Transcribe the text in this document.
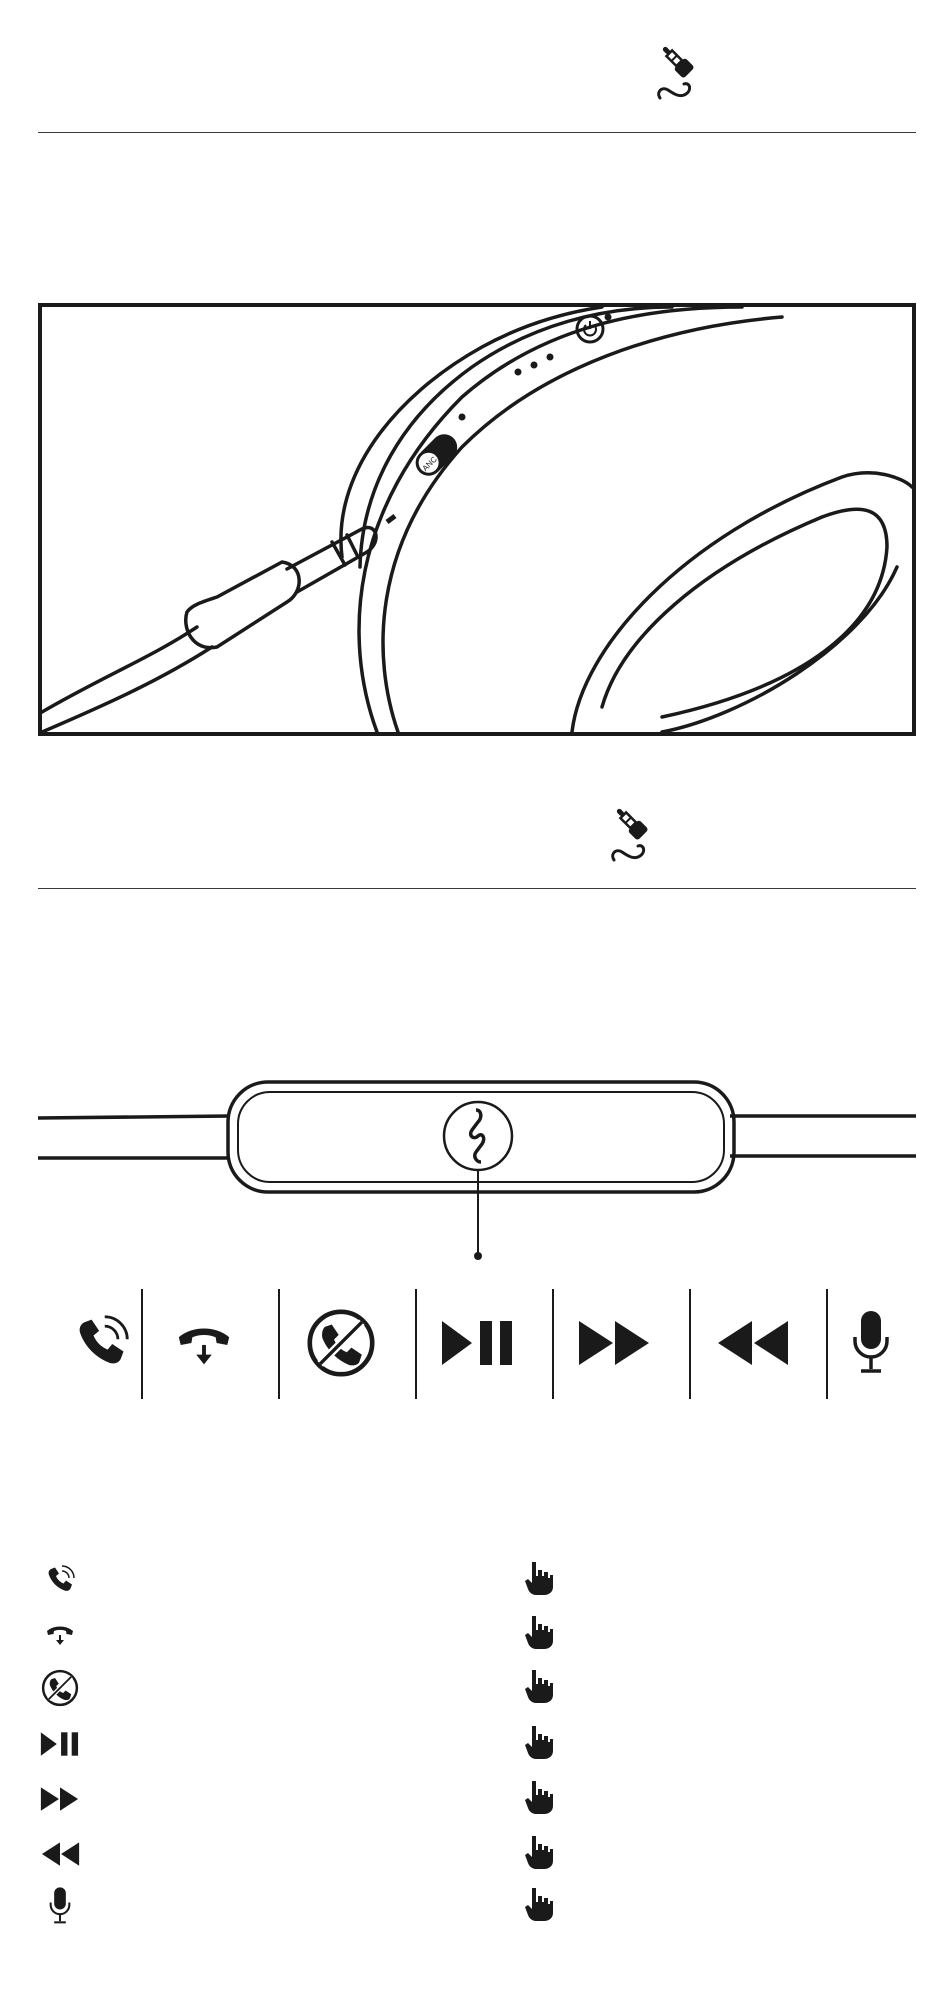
ANC
